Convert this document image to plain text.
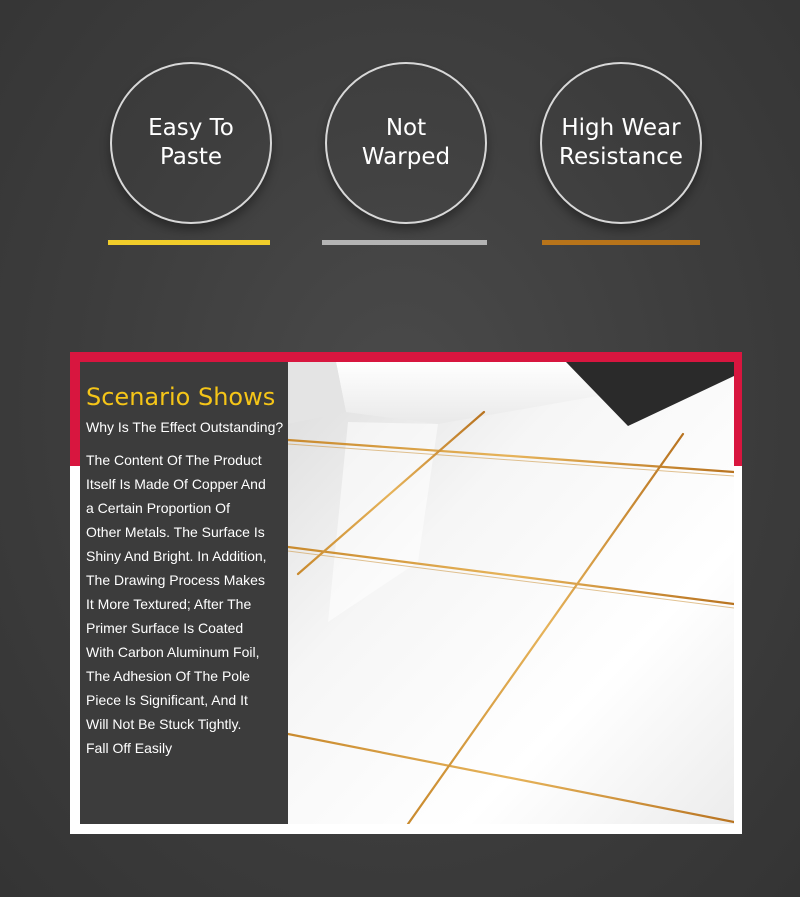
Easy To
Paste
Not
Warped
High Wear
Resistance
Scenario Shows
Why Is The Effect Outstanding?
The Content Of The Product
Itself Is Made Of Copper And
a Certain Proportion Of
Other Metals. The Surface Is
Shiny And Bright. In Addition,
The Drawing Process Makes
It More Textured; After The
Primer Surface Is Coated
With Carbon Aluminum Foil,
The Adhesion Of The Pole
Piece Is Significant, And It
Will Not Be Stuck Tightly.
Fall Off Easily
